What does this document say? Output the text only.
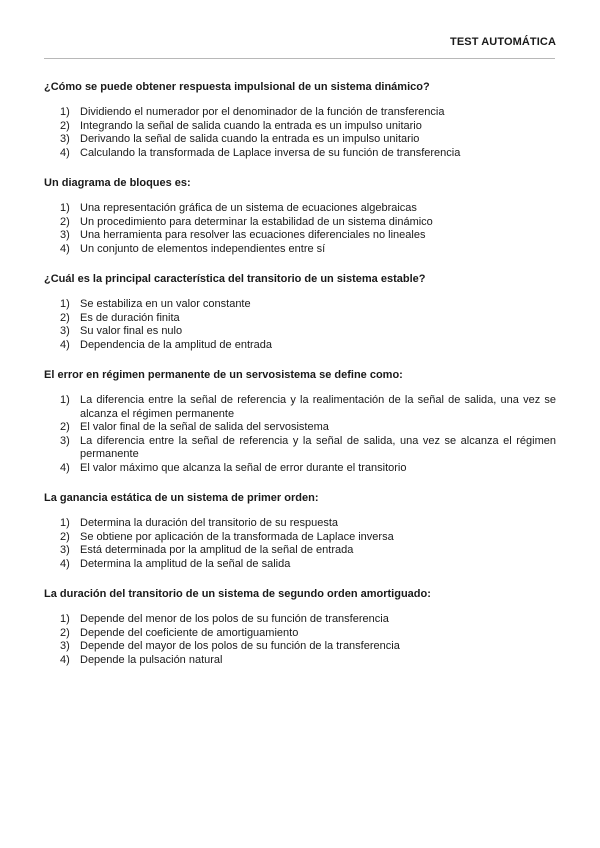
TEST AUTOMÁTICA
¿Cómo se puede obtener respuesta impulsional de un sistema dinámico?
1) Dividiendo el numerador por el denominador de la función de transferencia
2) Integrando la señal de salida cuando la entrada es un impulso unitario
3) Derivando la señal de salida cuando la entrada es un impulso unitario
4) Calculando la transformada de Laplace inversa de su función de transferencia
Un diagrama de bloques es:
1) Una representación gráfica de un sistema de ecuaciones algebraicas
2) Un procedimiento para determinar la estabilidad de un sistema dinámico
3) Una herramienta para resolver las ecuaciones diferenciales no lineales
4) Un conjunto de elementos independientes entre sí
¿Cuál es la principal característica del transitorio de un sistema estable?
1) Se estabiliza en un valor constante
2) Es de duración finita
3) Su valor final es nulo
4) Dependencia de la amplitud de entrada
El error en régimen permanente de un servosistema se define como:
1) La diferencia entre la señal de referencia y la realimentación de la señal de salida, una vez se alcanza el régimen permanente
2) El valor final de la señal de salida del servosistema
3) La diferencia entre la señal de referencia y la señal de salida, una vez se alcanza el régimen permanente
4) El valor máximo que alcanza la señal de error durante el transitorio
La ganancia estática de un sistema de primer orden:
1) Determina la duración del transitorio de su respuesta
2) Se obtiene por aplicación de la transformada de Laplace inversa
3) Está determinada por la amplitud de la señal de entrada
4) Determina la amplitud de la señal de salida
La duración del transitorio de un sistema de segundo orden amortiguado:
1) Depende del menor de los polos de su función de transferencia
2) Depende del coeficiente de amortiguamiento
3) Depende del mayor de los polos de su función de la transferencia
4) Depende la pulsación natural
